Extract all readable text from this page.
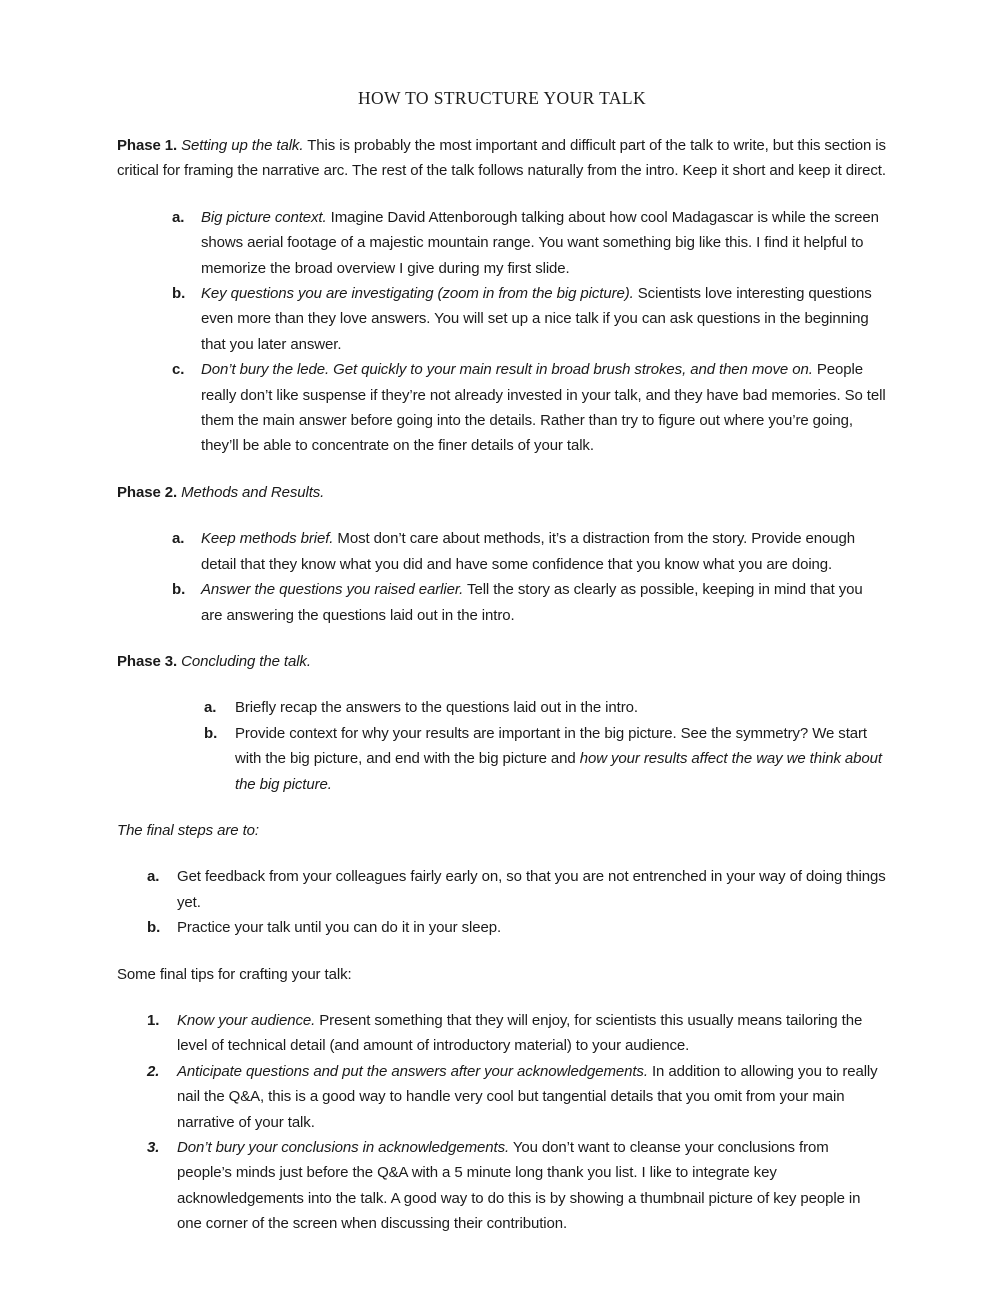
HOW TO STRUCTURE YOUR TALK

Phase 1. Setting up the talk. This is probably the most important and difficult part of the talk to write, but this section is critical for framing the narrative arc. The rest of the talk follows naturally from the intro. Keep it short and keep it direct.

a.	Big picture context. Imagine David Attenborough talking about how cool Madagascar is while the screen shows aerial footage of a majestic mountain range. You want something big like this. I find it helpful to memorize the broad overview I give during my first slide.
b.	Key questions you are investigating (zoom in from the big picture). Scientists love interesting questions even more than they love answers. You will set up a nice talk if you can ask questions in the beginning that you later answer.
c.	Don’t bury the lede. Get quickly to your main result in broad brush strokes, and then move on. People really don’t like suspense if they’re not already invested in your talk, and they have bad memories. So tell them the main answer before going into the details. Rather than try to figure out where you’re going, they’ll be able to concentrate on the finer details of your talk.

Phase 2. Methods and Results.

a.	Keep methods brief. Most don’t care about methods, it’s a distraction from the story. Provide enough detail that they know what you did and have some confidence that you know what you are doing.
b.	Answer the questions you raised earlier. Tell the story as clearly as possible, keeping in mind that you are answering the questions laid out in the intro.

Phase 3. Concluding the talk.

a.	Briefly recap the answers to the questions laid out in the intro.
b.	Provide context for why your results are important in the big picture. See the symmetry? We start with the big picture, and end with the big picture and how your results affect the way we think about the big picture.

The final steps are to:

a.	Get feedback from your colleagues fairly early on, so that you are not entrenched in your way of doing things yet.
b.	Practice your talk until you can do it in your sleep.

Some final tips for crafting your talk:

1.	Know your audience. Present something that they will enjoy, for scientists this usually means tailoring the level of technical detail (and amount of introductory material) to your audience.
2.	Anticipate questions and put the answers after your acknowledgements. In addition to allowing you to really nail the Q&A, this is a good way to handle very cool but tangential details that you omit from your main narrative of your talk.
3.	Don’t bury your conclusions in acknowledgements. You don’t want to cleanse your conclusions from people’s minds just before the Q&A with a 5 minute long thank you list. I like to integrate key acknowledgements into the talk. A good way to do this is by showing a thumbnail picture of key people in one corner of the screen when discussing their contribution.
